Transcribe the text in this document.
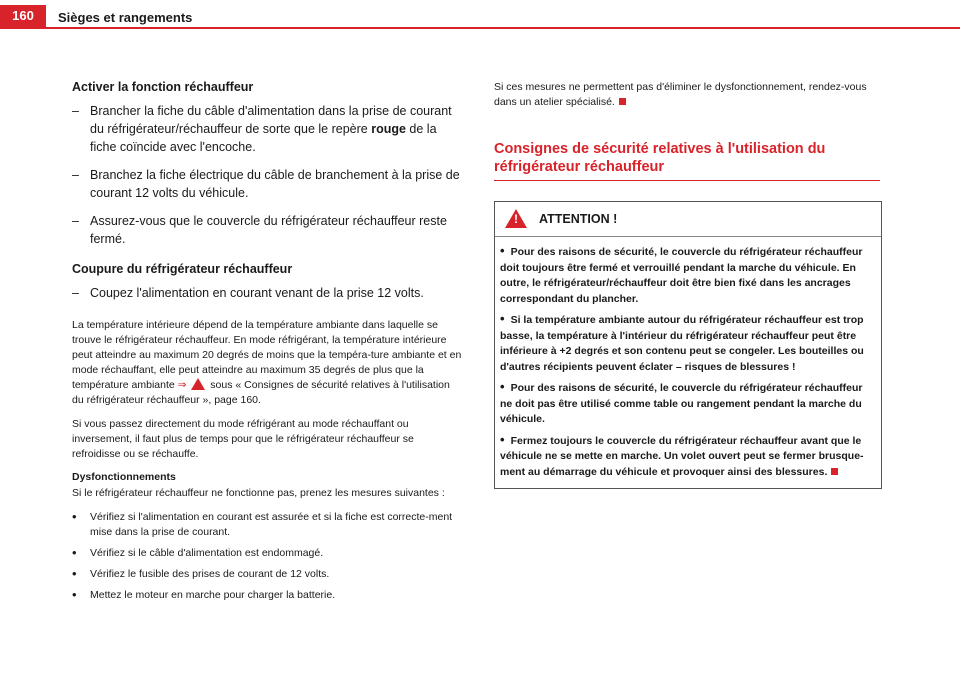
160	Sièges et rangements
Activer la fonction réchauffeur
– Brancher la fiche du câble d'alimentation dans la prise de courant du réfrigérateur/réchauffeur de sorte que le repère rouge de la fiche coïncide avec l'encoche.
– Branchez la fiche électrique du câble de branchement à la prise de courant 12 volts du véhicule.
– Assurez-vous que le couvercle du réfrigérateur réchauffeur reste fermé.
Coupure du réfrigérateur réchauffeur
– Coupez l'alimentation en courant venant de la prise 12 volts.

La température intérieure dépend de la température ambiante dans laquelle se trouve le réfrigérateur réchauffeur. En mode réfrigérant, la température intérieure peut atteindre au maximum 20 degrés de moins que la tempéra-ture ambiante et en mode réchauffant, elle peut atteindre au maximum 35 degrés de plus que la température ambiante ⇒  sous « Consignes de sécurité relatives à l'utilisation du réfrigérateur réchauffeur », page 160.

Si vous passez directement du mode réfrigérant au mode réchauffant ou inversement, il faut plus de temps pour que le réfrigérateur réchauffeur se refroidisse ou se réchauffe.

Dysfonctionnements

Si le réfrigérateur réchauffeur ne fonctionne pas, prenez les mesures suivantes :

• Vérifiez si l'alimentation en courant est assurée et si la fiche est correcte-ment mise dans la prise de courant.
• Vérifiez si le câble d'alimentation est endommagé.
• Vérifiez le fusible des prises de courant de 12 volts.
• Mettez le moteur en marche pour charger la batterie.

Si ces mesures ne permettent pas d'éliminer le dysfonctionnement, rendez-vous dans un atelier spécialisé.

Consignes de sécurité relatives à l'utilisation du réfrigérateur réchauffeur
! ATTENTION !
• Pour des raisons de sécurité, le couvercle du réfrigérateur réchauffeur doit toujours être fermé et verrouillé pendant la marche du véhicule. En outre, le réfrigérateur/réchauffeur doit être bien fixé dans les ancrages correspondant du plancher.
• Si la température ambiante autour du réfrigérateur réchauffeur est trop basse, la température à l'intérieur du réfrigérateur réchauffeur peut être inférieure à +2 degrés et son contenu peut se congeler. Les bouteilles ou d'autres récipients peuvent éclater – risques de blessures !
• Pour des raisons de sécurité, le couvercle du réfrigérateur réchauffeur ne doit pas être utilisé comme table ou rangement pendant la marche du véhicule.
• Fermez toujours le couvercle du réfrigérateur réchauffeur avant que le véhicule ne se mette en marche. Un volet ouvert peut se fermer brusque-ment au démarrage du véhicule et provoquer ainsi des blessures.
